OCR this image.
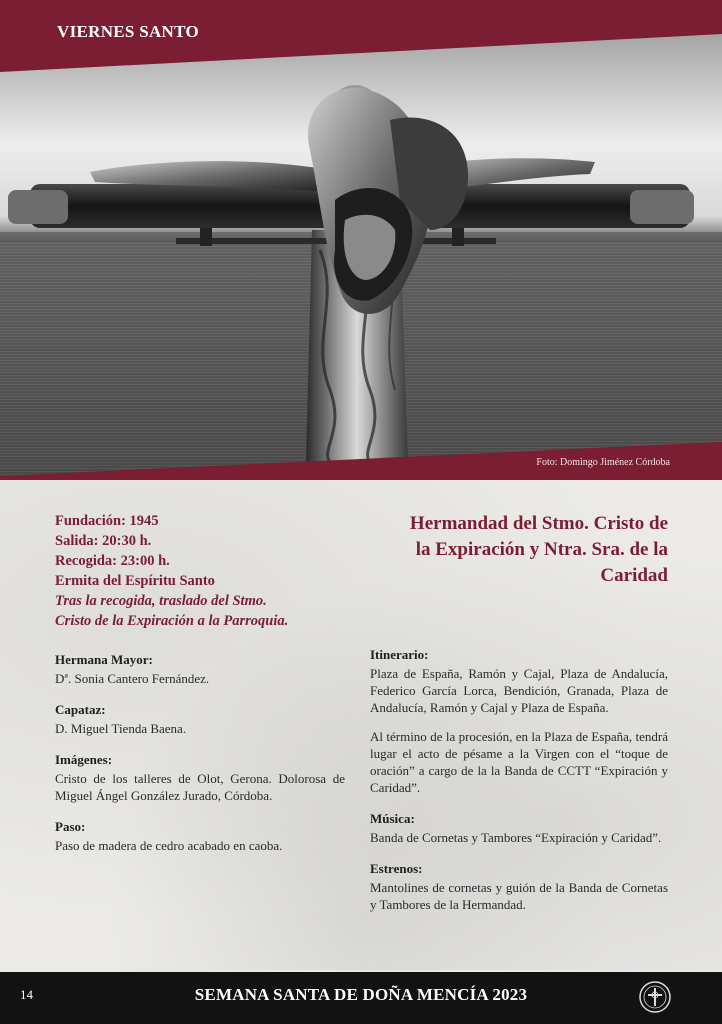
VIERNES SANTO
Foto: Domingo Jiménez Córdoba
Hermandad del Stmo. Cristo de
la Expiración y Ntra. Sra. de la
Caridad

Fundación: 1945

Salida: 20:30 h.

Recogida: 23:00 h.

Ermita del Espíritu Santo

Tras la recogida, traslado del Stmo.

Cristo de la Expiración a la Parroquia.

Hermana Mayor:

Dª. Sonia Cantero Fernández.

Capataz:

D. Miguel Tienda Baena.

Imágenes:

Cristo de los talleres de Olot, Gerona. Dolorosa de Miguel Ángel González Jurado, Córdoba.

Paso:

Paso de madera de cedro acabado en caoba.

Itinerario:

Plaza de España, Ramón y Cajal, Plaza de Andalucía, Federico García Lorca, Bendición, Granada, Plaza de Andalucía, Ramón y Cajal y Plaza de España.

Al término de la procesión, en la Plaza de España, tendrá lugar el acto de pésame a la Virgen con el “toque de oración” a cargo de la la Banda de CCTT “Expiración y Caridad”.

Música:

Banda de Cornetas y Tambores “Expiración y Caridad”.

Estrenos:

Mantolines de cornetas y guión de la Banda de Cornetas y Tambores de la Hermandad.

14	SEMANA SANTA DE DOÑA MENCÍA 2023
